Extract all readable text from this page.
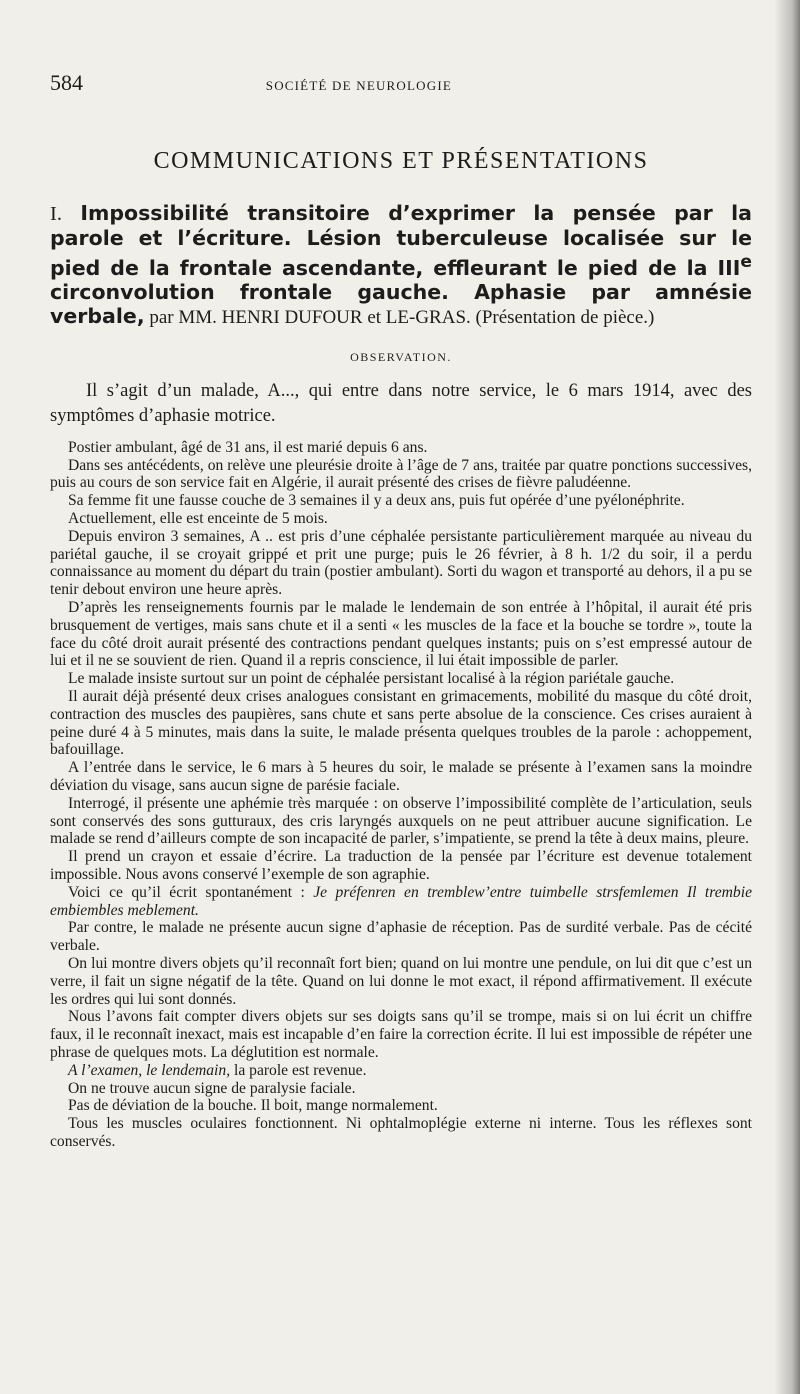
584	SOCIÉTÉ DE NEUROLOGIE
COMMUNICATIONS ET PRÉSENTATIONS
I. Impossibilité transitoire d’exprimer la pensée par la parole et l’écriture. Lésion tuberculeuse localisée sur le pied de la frontale ascendante, effleurant le pied de la IIIe circonvolution frontale gauche. Aphasie par amnésie verbale, par MM. HENRI DUFOUR et LE-GRAS. (Présentation de pièce.)
OBSERVATION.
Il s’agit d’un malade, A..., qui entre dans notre service, le 6 mars 1914, avec des symptômes d’aphasie motrice.

Postier ambulant, âgé de 31 ans, il est marié depuis 6 ans.

Dans ses antécédents, on relève une pleurésie droite à l’âge de 7 ans, traitée par quatre ponctions successives, puis au cours de son service fait en Algérie, il aurait présenté des crises de fièvre paludéenne.

Sa femme fit une fausse couche de 3 semaines il y a deux ans, puis fut opérée d’une pyélonéphrite.

Actuellement, elle est enceinte de 5 mois.

Depuis environ 3 semaines, A .. est pris d’une céphalée persistante particulièrement marquée au niveau du pariétal gauche, il se croyait grippé et prit une purge; puis le 26 février, à 8 h. 1/2 du soir, il a perdu connaissance au moment du départ du train (postier ambulant). Sorti du wagon et transporté au dehors, il a pu se tenir debout environ une heure après.

D’après les renseignements fournis par le malade le lendemain de son entrée à l’hôpital, il aurait été pris brusquement de vertiges, mais sans chute et il a senti « les muscles de la face et la bouche se tordre », toute la face du côté droit aurait présenté des contractions pendant quelques instants; puis on s’est empressé autour de lui et il ne se souvient de rien. Quand il a repris conscience, il lui était impossible de parler.

Le malade insiste surtout sur un point de céphalée persistant localisé à la région pariétale gauche.

Il aurait déjà présenté deux crises analogues consistant en grimacements, mobilité du masque du côté droit, contraction des muscles des paupières, sans chute et sans perte absolue de la conscience. Ces crises auraient à peine duré 4 à 5 minutes, mais dans la suite, le malade présenta quelques troubles de la parole : achoppement, bafouillage.

A l’entrée dans le service, le 6 mars à 5 heures du soir, le malade se présente à l’examen sans la moindre déviation du visage, sans aucun signe de parésie faciale.

Interrogé, il présente une aphémie très marquée : on observe l’impossibilité complète de l’articulation, seuls sont conservés des sons gutturaux, des cris laryngés auxquels on ne peut attribuer aucune signification. Le malade se rend d’ailleurs compte de son incapacité de parler, s’impatiente, se prend la tête à deux mains, pleure.

Il prend un crayon et essaie d’écrire. La traduction de la pensée par l’écriture est devenue totalement impossible. Nous avons conservé l’exemple de son agraphie.

Voici ce qu’il écrit spontanément : Je préfenren en tremblew’entre tuimbelle strsfemlemen Il trembie embiembles meblement.

Par contre, le malade ne présente aucun signe d’aphasie de réception. Pas de surdité verbale. Pas de cécité verbale.

On lui montre divers objets qu’il reconnaît fort bien; quand on lui montre une pendule, on lui dit que c’est un verre, il fait un signe négatif de la tête. Quand on lui donne le mot exact, il répond affirmativement. Il exécute les ordres qui lui sont donnés.

Nous l’avons fait compter divers objets sur ses doigts sans qu’il se trompe, mais si on lui écrit un chiffre faux, il le reconnaît inexact, mais est incapable d’en faire la correction écrite. Il lui est impossible de répéter une phrase de quelques mots. La déglutition est normale.

A l’examen, le lendemain, la parole est revenue.

On ne trouve aucun signe de paralysie faciale.

Pas de déviation de la bouche. Il boit, mange normalement.

Tous les muscles oculaires fonctionnent. Ni ophtalmoplégie externe ni interne. Tous les réflexes sont conservés.
